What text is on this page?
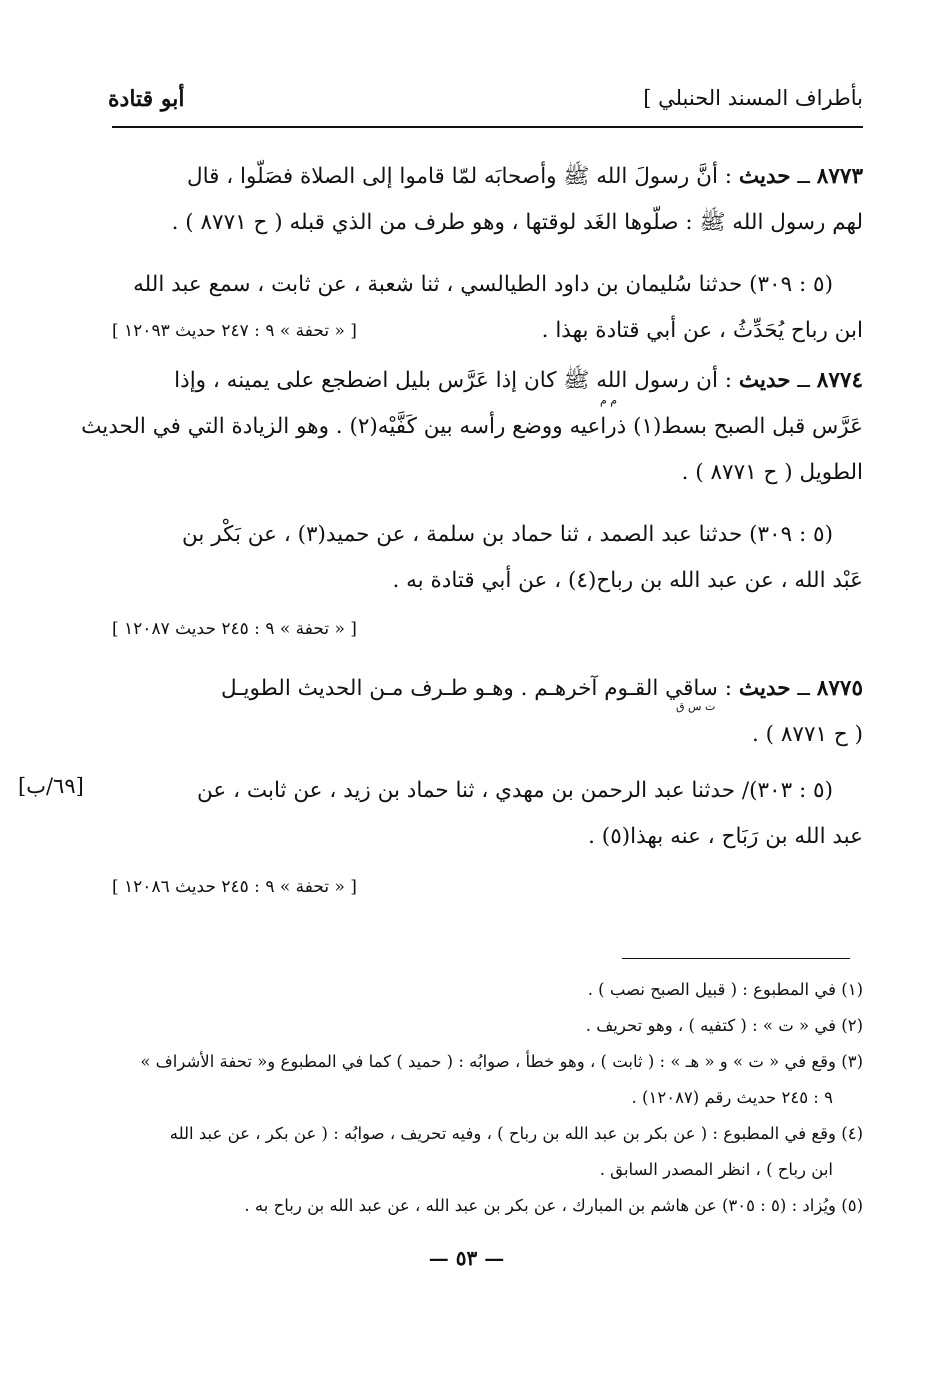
بأطراف المسند الحنبلي ]
أبو قتادة
٨٧٧٣ ــ حديث : أنَّ رسولَ الله ﷺ وأصحابَه لمّا قاموا إلى الصلاة فصَلّوا ، قال
لهم رسول الله ﷺ : صلّوها الغَد لوقتها ، وهو طرف من الذي قبله ( ح ٨٧٧١ ) .
(٥ : ٣٠٩) حدثنا سُليمان بن داود الطيالسي ، ثنا شعبة ، عن ثابت ، سمع عبد الله
ابن رباح يُحَدِّثُ ، عن أبي قتادة بهذا .
[ « تحفة » ٩ : ٢٤٧ حديث ١٢٠٩٣ ]
٨٧٧٤ ــ حديث : أن رسول الله ﷺ كان إذا عَرَّس بليل اضطجع على يمينه ، وإذا
عَرَّس قبل الصبح بسط(١) ذراعيه ووضع رأسه بين كَفَّيْه(٢) . وهو الزيادة التي في الحديث
الطويل ( ح ٨٧٧١ ) .
م م
(٥ : ٣٠٩) حدثنا عبد الصمد ، ثنا حماد بن سلمة ، عن حميد(٣) ، عن بَكْر بن
عَبْد الله ، عن عبد الله بن رباح(٤) ، عن أبي قتادة به .
[ « تحفة » ٩ : ٢٤٥ حديث ١٢٠٨٧ ]
٨٧٧٥ ــ حديث : ساقي القـوم آخرهـم . وهـو طـرف مـن الحديث الطويـل
( ح ٨٧٧١ ) .
ت س ق
(٥ : ٣٠٣)/ حدثنا عبد الرحمن بن مهدي ، ثنا حماد بن زيد ، عن ثابت ، عن
عبد الله بن رَبَاح ، عنه بهذا(٥) .
[٦٩/ب]
[ « تحفة » ٩ : ٢٤٥ حديث ١٢٠٨٦ ]
(١) في المطبوع : ( قبيل الصبح نصب ) .
(٢) في « ت » : ( كتفيه ) ، وهو تحريف .
(٣) وقع في « ت » و « هـ » : ( ثابت ) ، وهو خطأ ، صوابُه : ( حميد ) كما في المطبوع و« تحفة الأشراف »
٩ : ٢٤٥ حديث رقم (١٢٠٨٧) .
(٤) وقع في المطبوع : ( عن بكر بن عبد الله بن رباح ) ، وفيه تحريف ، صوابُه : ( عن بكر ، عن عبد الله
ابن رباح ) ، انظر المصدر السابق .
(٥) ويُزاد : (٥ : ٣٠٥) عن هاشم بن المبارك ، عن بكر بن عبد الله ، عن عبد الله بن رباح به .
— ٥٣ —
